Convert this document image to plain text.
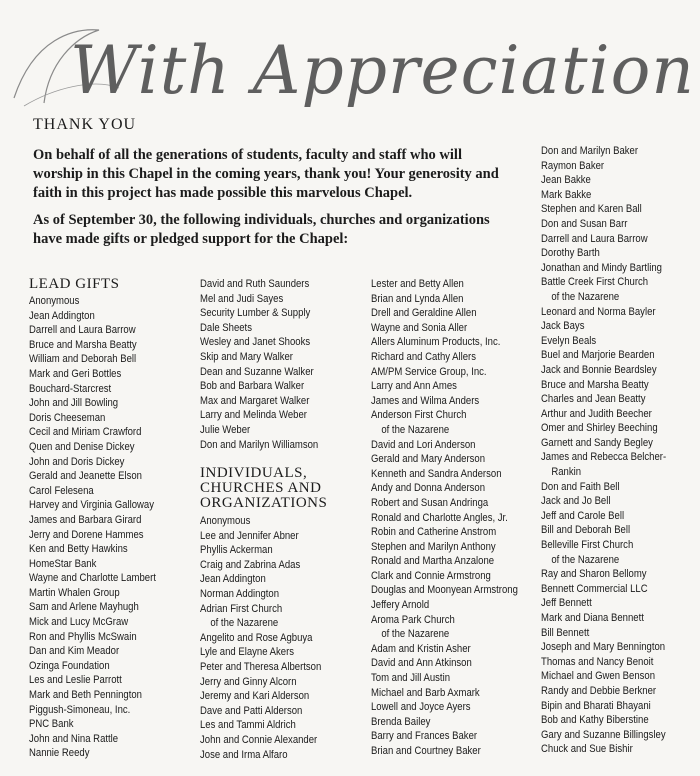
With Appreciation
THANK YOU

On behalf of all the generations of students, faculty and staff who will worship in this Chapel in the coming years, thank you! Your generosity and faith in this project has made possible this marvelous Chapel.

As of September 30, the following individuals, churches and organizations have made gifts or pledged support for the Chapel:

LEAD GIFTS
Anonymous
Jean Addington
Darrell and Laura Barrow
Bruce and Marsha Beatty
William and Deborah Bell
Mark and Geri Bottles
Bouchard-Starcrest
John and Jill Bowling
Doris Cheeseman
Cecil and Miriam Crawford
Quen and Denise Dickey
John and Doris Dickey
Gerald and Jeanette Elson
Carol Felesena
Harvey and Virginia Galloway
James and Barbara Girard
Jerry and Dorene Hammes
Ken and Betty Hawkins
HomeStar Bank
Wayne and Charlotte Lambert
Martin Whalen Group
Sam and Arlene Mayhugh
Mick and Lucy McGraw
Ron and Phyllis McSwain
Dan and Kim Meador
Ozinga Foundation
Les and Leslie Parrott
Mark and Beth Pennington
Piggush-Simoneau, Inc.
PNC Bank
John and Nina Rattle
Nannie Reedy
David and Ruth Saunders
Mel and Judi Sayes
Security Lumber & Supply
Dale Sheets
Wesley and Janet Shooks
Skip and Mary Walker
Dean and Suzanne Walker
Bob and Barbara Walker
Max and Margaret Walker
Larry and Melinda Weber
Julie Weber
Don and Marilyn Williamson
INDIVIDUALS, CHURCHES AND ORGANIZATIONS
Anonymous
Lee and Jennifer Abner
Phyllis Ackerman
Craig and Zabrina Adas
Jean Addington
Norman Addington
Adrian First Church
of the Nazarene
Angelito and Rose Agbuya
Lyle and Elayne Akers
Peter and Theresa Albertson
Jerry and Ginny Alcorn
Jeremy and Kari Alderson
Dave and Patti Alderson
Les and Tammi Aldrich
John and Connie Alexander
Jose and Irma Alfaro
Lester and Betty Allen
Brian and Lynda Allen
Drell and Geraldine Allen
Wayne and Sonia Aller
Allers Aluminum Products, Inc.
Richard and Cathy Allers
AM/PM Service Group, Inc.
Larry and Ann Ames
James and Wilma Anders
Anderson First Church
of the Nazarene
David and Lori Anderson
Gerald and Mary Anderson
Kenneth and Sandra Anderson
Andy and Donna Anderson
Robert and Susan Andringa
Ronald and Charlotte Angles, Jr.
Robin and Catherine Anstrom
Stephen and Marilyn Anthony
Ronald and Martha Anzalone
Clark and Connie Armstrong
Douglas and Moonyean Armstrong
Jeffery Arnold
Aroma Park Church
of the Nazarene
Adam and Kristin Asher
David and Ann Atkinson
Tom and Jill Austin
Michael and Barb Axmark
Lowell and Joyce Ayers
Brenda Bailey
Barry and Frances Baker
Brian and Courtney Baker
Don and Marilyn Baker
Raymon Baker
Jean Bakke
Mark Bakke
Stephen and Karen Ball
Don and Susan Barr
Darrell and Laura Barrow
Dorothy Barth
Jonathan and Mindy Bartling
Battle Creek First Church
of the Nazarene
Leonard and Norma Bayler
Jack Bays
Evelyn Beals
Buel and Marjorie Bearden
Jack and Bonnie Beardsley
Bruce and Marsha Beatty
Charles and Jean Beatty
Arthur and Judith Beecher
Omer and Shirley Beeching
Garnett and Sandy Begley
James and Rebecca Belcher-
Rankin
Don and Faith Bell
Jack and Jo Bell
Jeff and Carole Bell
Bill and Deborah Bell
Belleville First Church
of the Nazarene
Ray and Sharon Bellomy
Bennett Commercial LLC
Jeff Bennett
Mark and Diana Bennett
Bill Bennett
Joseph and Mary Bennington
Thomas and Nancy Benoit
Michael and Gwen Benson
Randy and Debbie Berkner
Bipin and Bharati Bhayani
Bob and Kathy Biberstine
Gary and Suzanne Billingsley
Chuck and Sue Bishir
